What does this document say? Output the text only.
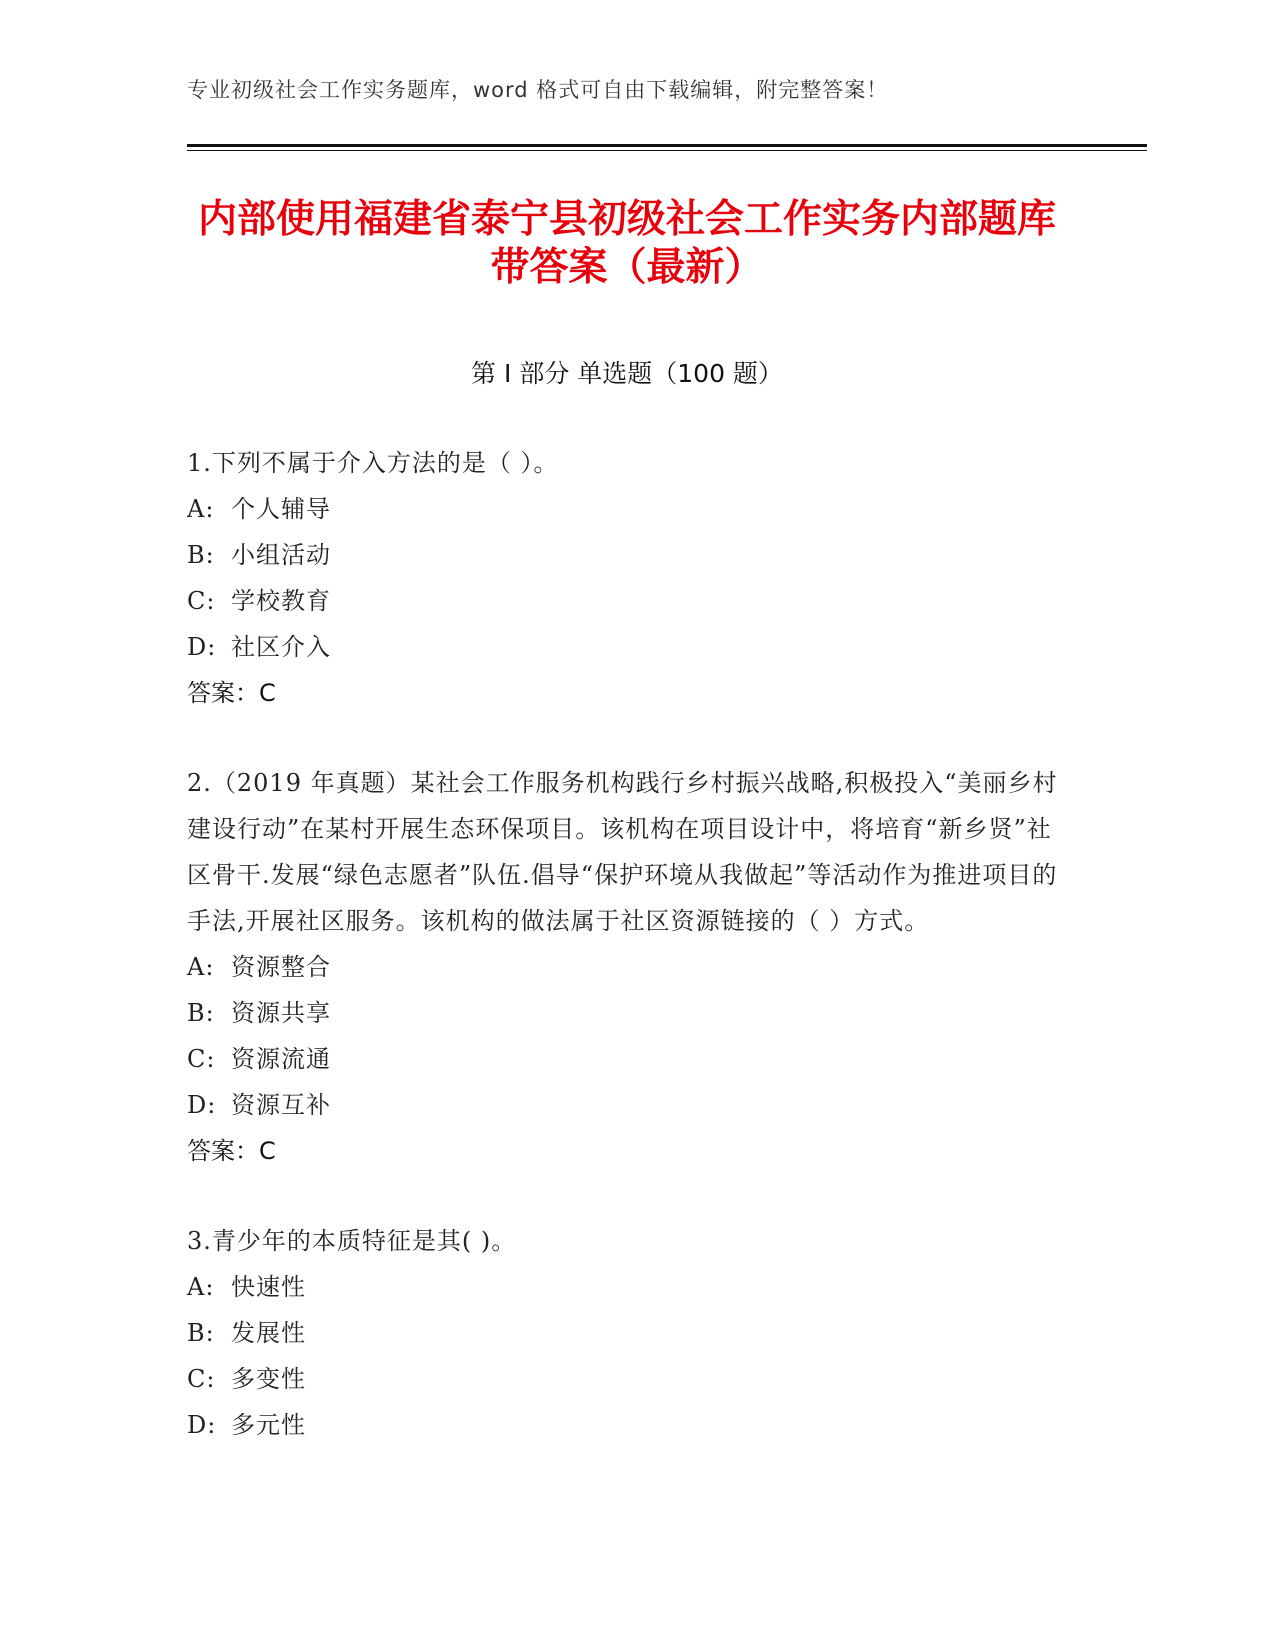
专业初级社会工作实务题库，word 格式可自由下载编辑，附完整答案！
内部使用福建省泰宁县初级社会工作实务内部题库带答案（最新）
第 I 部分 单选题（100 题）

1.下列不属于介入方法的是（ ）。

A: 个人辅导

B: 小组活动

C: 学校教育

D: 社区介入

答案：C

2.（2019 年真题）某社会工作服务机构践行乡村振兴战略,积极投入“美丽乡村建设行动”在某村开展生态环保项目。该机构在项目设计中，将培育“新乡贤”社区骨干.发展“绿色志愿者”队伍.倡导“保护环境从我做起”等活动作为推进项目的手法,开展社区服务。该机构的做法属于社区资源链接的（ ）方式。

A: 资源整合

B: 资源共享

C: 资源流通

D: 资源互补

答案：C

3.青少年的本质特征是其( )。

A: 快速性

B: 发展性

C: 多变性

D: 多元性
